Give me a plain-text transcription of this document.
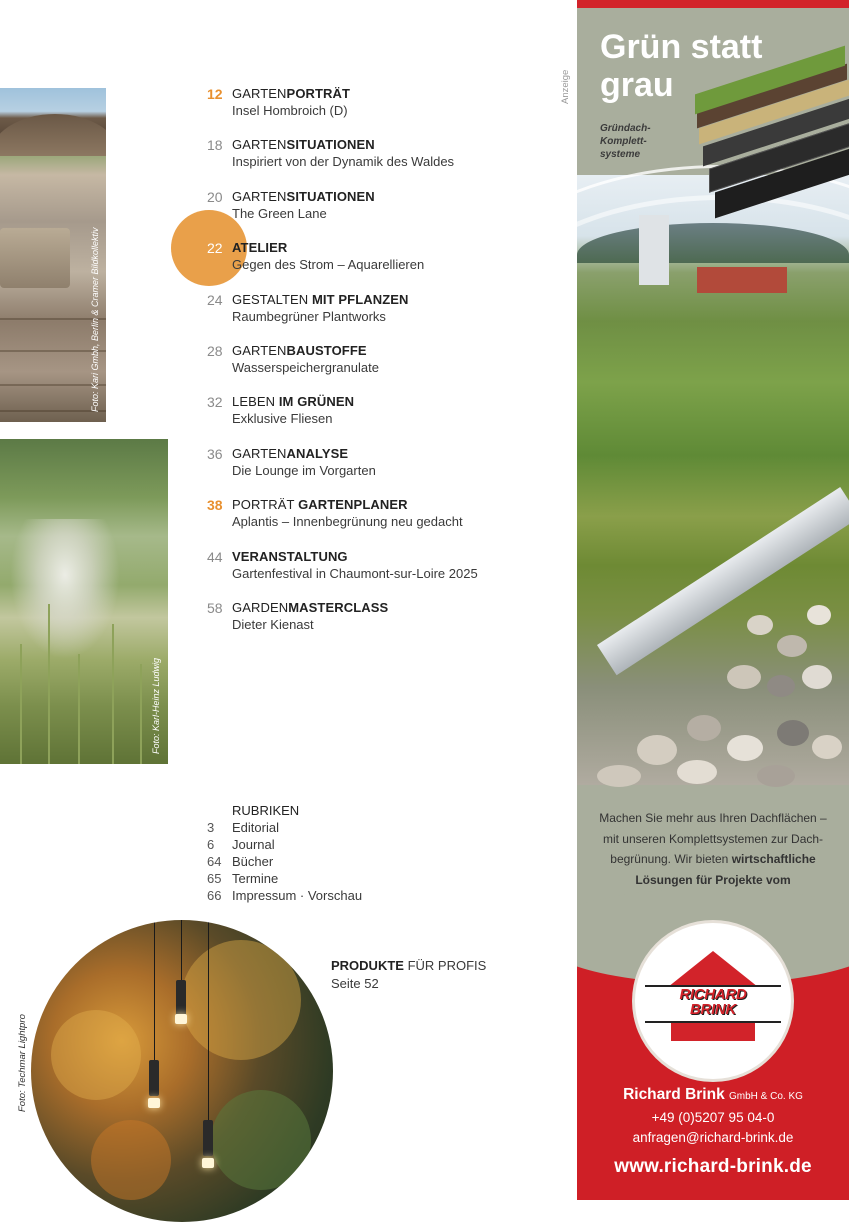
Foto: Kari Gmbh, Berlin & Cramer Bildkollektiv
Foto: Karl-Heinz Ludwig
12 GARTENPORTRÄT
Insel Hombroich (D)
18 GARTENSITUATIONEN
Inspiriert von der Dynamik des Waldes
20 GARTENSITUATIONEN
The Green Lane
22 ATELIER
Gegen des Strom – Aquarellieren
24 GESTALTEN MIT PFLANZEN
Raumbegrüner Plantworks
28 GARTENBAUSTOFFE
Wasserspeichergranulate
32 LEBEN IM GRÜNEN
Exklusive Fliesen
36 GARTENANALYSE
Die Lounge im Vorgarten
38 PORTRÄT GARTENPLANER
Aplantis – Innenbegrünung neu gedacht
44 VERANSTALTUNG
Gartenfestival in Chaumont-sur-Loire 2025
58 GARDENMASTERCLASS
Dieter Kienast
RUBRIKEN
3 Editorial
6 Journal
64 Bücher
65 Termine
66 Impressum · Vorschau
PRODUKTE FÜR PROFIS
Seite 52
Foto: Techmar Lightpro
Anzeige
Grün statt grau
Gründach-Komplett-systeme
Machen Sie mehr aus Ihren Dachflächen – mit unseren Komplettsystemen zur Dach-begrünung. Wir bieten wirtschaftliche Lösungen für Projekte vom
RICHARD
BRINK
Richard Brink GmbH & Co. KG
+49 (0)5207 95 04-0
anfragen@richard-brink.de
www.richard-brink.de
